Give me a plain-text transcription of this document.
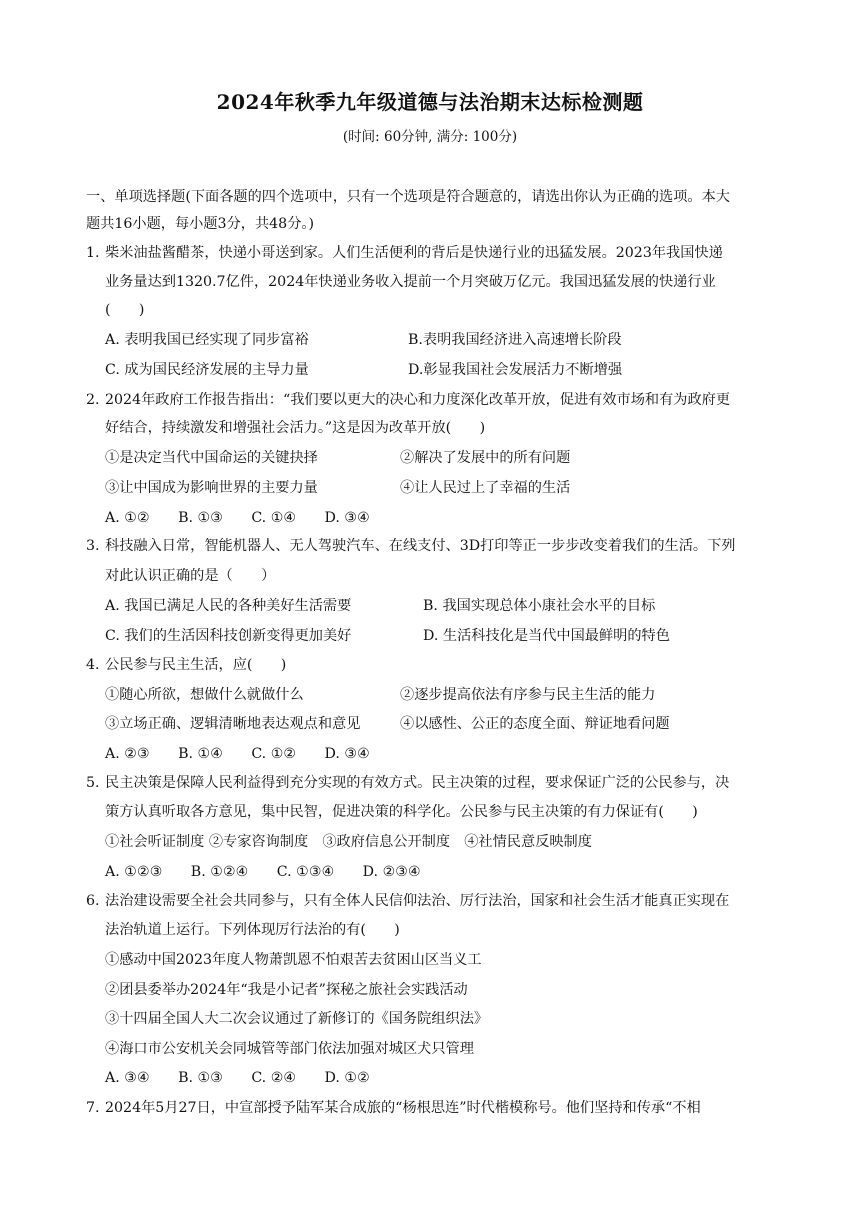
2024年秋季九年级道德与法治期末达标检测题
(时间: 60分钟, 满分: 100分)
一、单项选择题(下面各题的四个选项中，只有一个选项是符合题意的，请选出你认为正确的选项。本大
题共16小题，每小题3分，共48分。)
1. 柴米油盐酱醋茶，快递小哥送到家。人们生活便利的背后是快递行业的迅猛发展。2023年我国快递
业务量达到1320.7亿件，2024年快递业务收入提前一个月突破万亿元。我国迅猛发展的快递行业
(　　)
A. 表明我国已经实现了同步富裕	B.表明我国经济进入高速增长阶段
C. 成为国民经济发展的主导力量	D.彰显我国社会发展活力不断增强
2. 2024年政府工作报告指出：“我们要以更大的决心和力度深化改革开放，促进有效市场和有为政府更
好结合，持续激发和增强社会活力。”这是因为改革开放(　　)
①是决定当代中国命运的关键抉择	②解决了发展中的所有问题
③让中国成为影响世界的主要力量	④让人民过上了幸福的生活
A. ①②　　B. ①③　　C. ①④　　D. ③④
3. 科技融入日常，智能机器人、无人驾驶汽车、在线支付、3D打印等正一步步改变着我们的生活。下列
对此认识正确的是（　　）
A. 我国已满足人民的各种美好生活需要	B. 我国实现总体小康社会水平的目标
C. 我们的生活因科技创新变得更加美好	D. 生活科技化是当代中国最鲜明的特色
4. 公民参与民主生活，应(　　)
①随心所欲，想做什么就做什么	②逐步提高依法有序参与民主生活的能力
③立场正确、逻辑清晰地表达观点和意见	④以感性、公正的态度全面、辩证地看问题
A. ②③　　B. ①④　　C. ①②　　D. ③④
5. 民主决策是保障人民利益得到充分实现的有效方式。民主决策的过程，要求保证广泛的公民参与，决
策方认真听取各方意见，集中民智，促进决策的科学化。公民参与民主决策的有力保证有(　　)
①社会听证制度 ②专家咨询制度　③政府信息公开制度　④社情民意反映制度
A. ①②③　　B. ①②④　　C. ①③④　　D. ②③④
6. 法治建设需要全社会共同参与，只有全体人民信仰法治、厉行法治，国家和社会生活才能真正实现在
法治轨道上运行。下列体现厉行法治的有(　　)
①感动中国2023年度人物萧凯恩不怕艰苦去贫困山区当义工
②团县委举办2024年“我是小记者”探秘之旅社会实践活动
③十四届全国人大二次会议通过了新修订的《国务院组织法》
④海口市公安机关会同城管等部门依法加强对城区犬只管理
A. ③④　　B. ①③　　C. ②④　　D. ①②
7. 2024年5月27日，中宣部授予陆军某合成旅的“杨根思连”时代楷模称号。他们坚持和传承“不相
